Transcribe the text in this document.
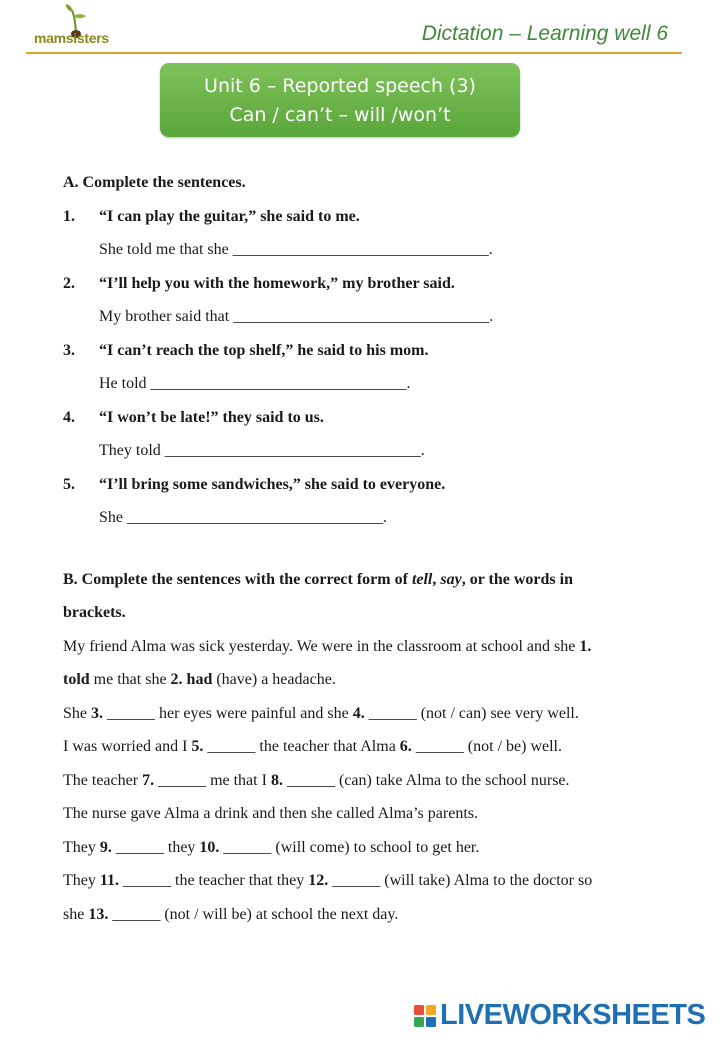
mamsisters	Dictation – Learning well 6
Unit 6 – Reported speech (3)
Can / can’t – will /won’t
A. Complete the sentences.
1. “I can play the guitar,” she said to me.
She told me that she ________________________________.
2. “I’ll help you with the homework,” my brother said.
My brother said that ________________________________.
3. “I can’t reach the top shelf,” he said to his mom.
He told ________________________________.
4. “I won’t be late!” they said to us.
They told ________________________________.
5. “I’ll bring some sandwiches,” she said to everyone.
She ________________________________.
B. Complete the sentences with the correct form of tell, say, or the words in
brackets.
My friend Alma was sick yesterday. We were in the classroom at school and she 1.
told me that she 2. had (have) a headache.
She 3. ______ her eyes were painful and she 4. ______ (not / can) see very well.
I was worried and I 5. ______ the teacher that Alma 6. ______ (not / be) well.
The teacher 7. ______ me that I 8. ______ (can) take Alma to the school nurse.
The nurse gave Alma a drink and then she called Alma’s parents.
They 9. ______ they 10. ______ (will come) to school to get her.
They 11. ______ the teacher that they 12. ______ (will take) Alma to the doctor so
she 13. ______ (not / will be) at school the next day.
LIVEWORKSHEETS
